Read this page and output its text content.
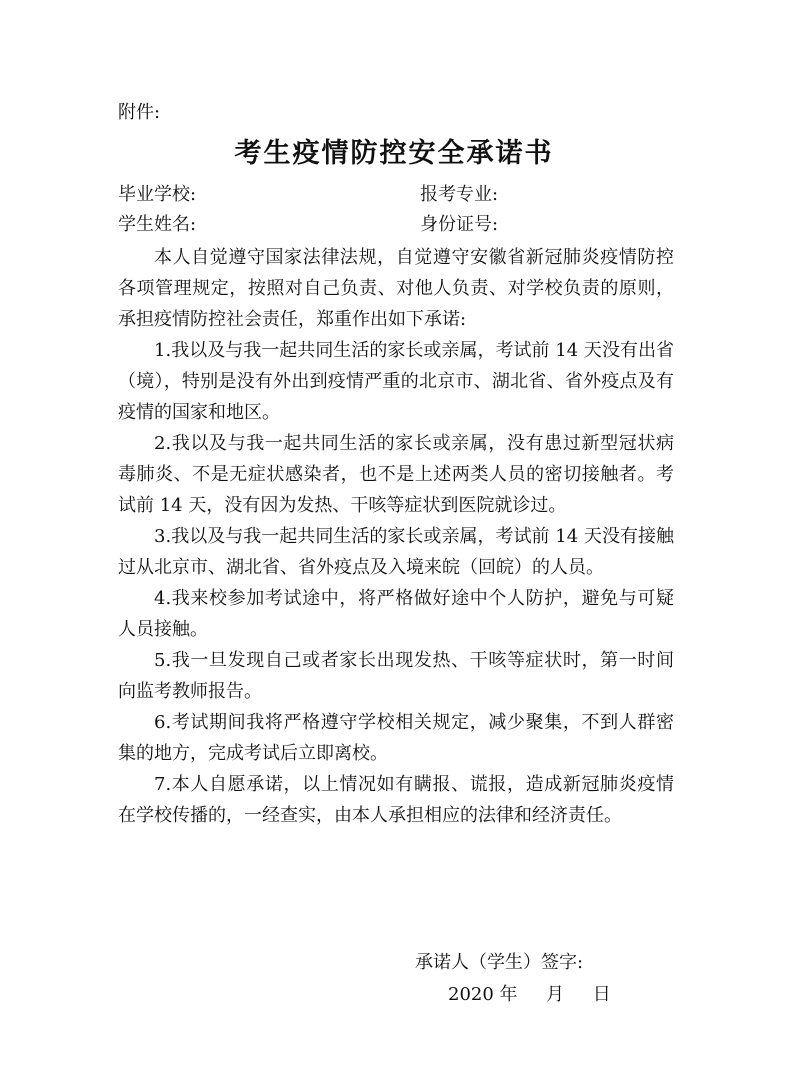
附件:
考生疫情防控安全承诺书
毕业学校:	报考专业:
学生姓名:	身份证号:

本人自觉遵守国家法律法规，自觉遵守安徽省新冠肺炎疫情防控各项管理规定，按照对自己负责、对他人负责、对学校负责的原则，承担疫情防控社会责任，郑重作出如下承诺:

1.我以及与我一起共同生活的家长或亲属，考试前 14 天没有出省（境），特别是没有外出到疫情严重的北京市、湖北省、省外疫点及有疫情的国家和地区。

2.我以及与我一起共同生活的家长或亲属，没有患过新型冠状病毒肺炎、不是无症状感染者，也不是上述两类人员的密切接触者。考试前 14 天，没有因为发热、干咳等症状到医院就诊过。

3.我以及与我一起共同生活的家长或亲属，考试前 14 天没有接触过从北京市、湖北省、省外疫点及入境来皖（回皖）的人员。

4.我来校参加考试途中，将严格做好途中个人防护，避免与可疑人员接触。

5.我一旦发现自己或者家长出现发热、干咳等症状时，第一时间向监考教师报告。

6.考试期间我将严格遵守学校相关规定，减少聚集，不到人群密集的地方，完成考试后立即离校。

7.本人自愿承诺，以上情况如有瞒报、谎报，造成新冠肺炎疫情在学校传播的，一经查实，由本人承担相应的法律和经济责任。

承诺人（学生）签字:
2020 年     月     日
